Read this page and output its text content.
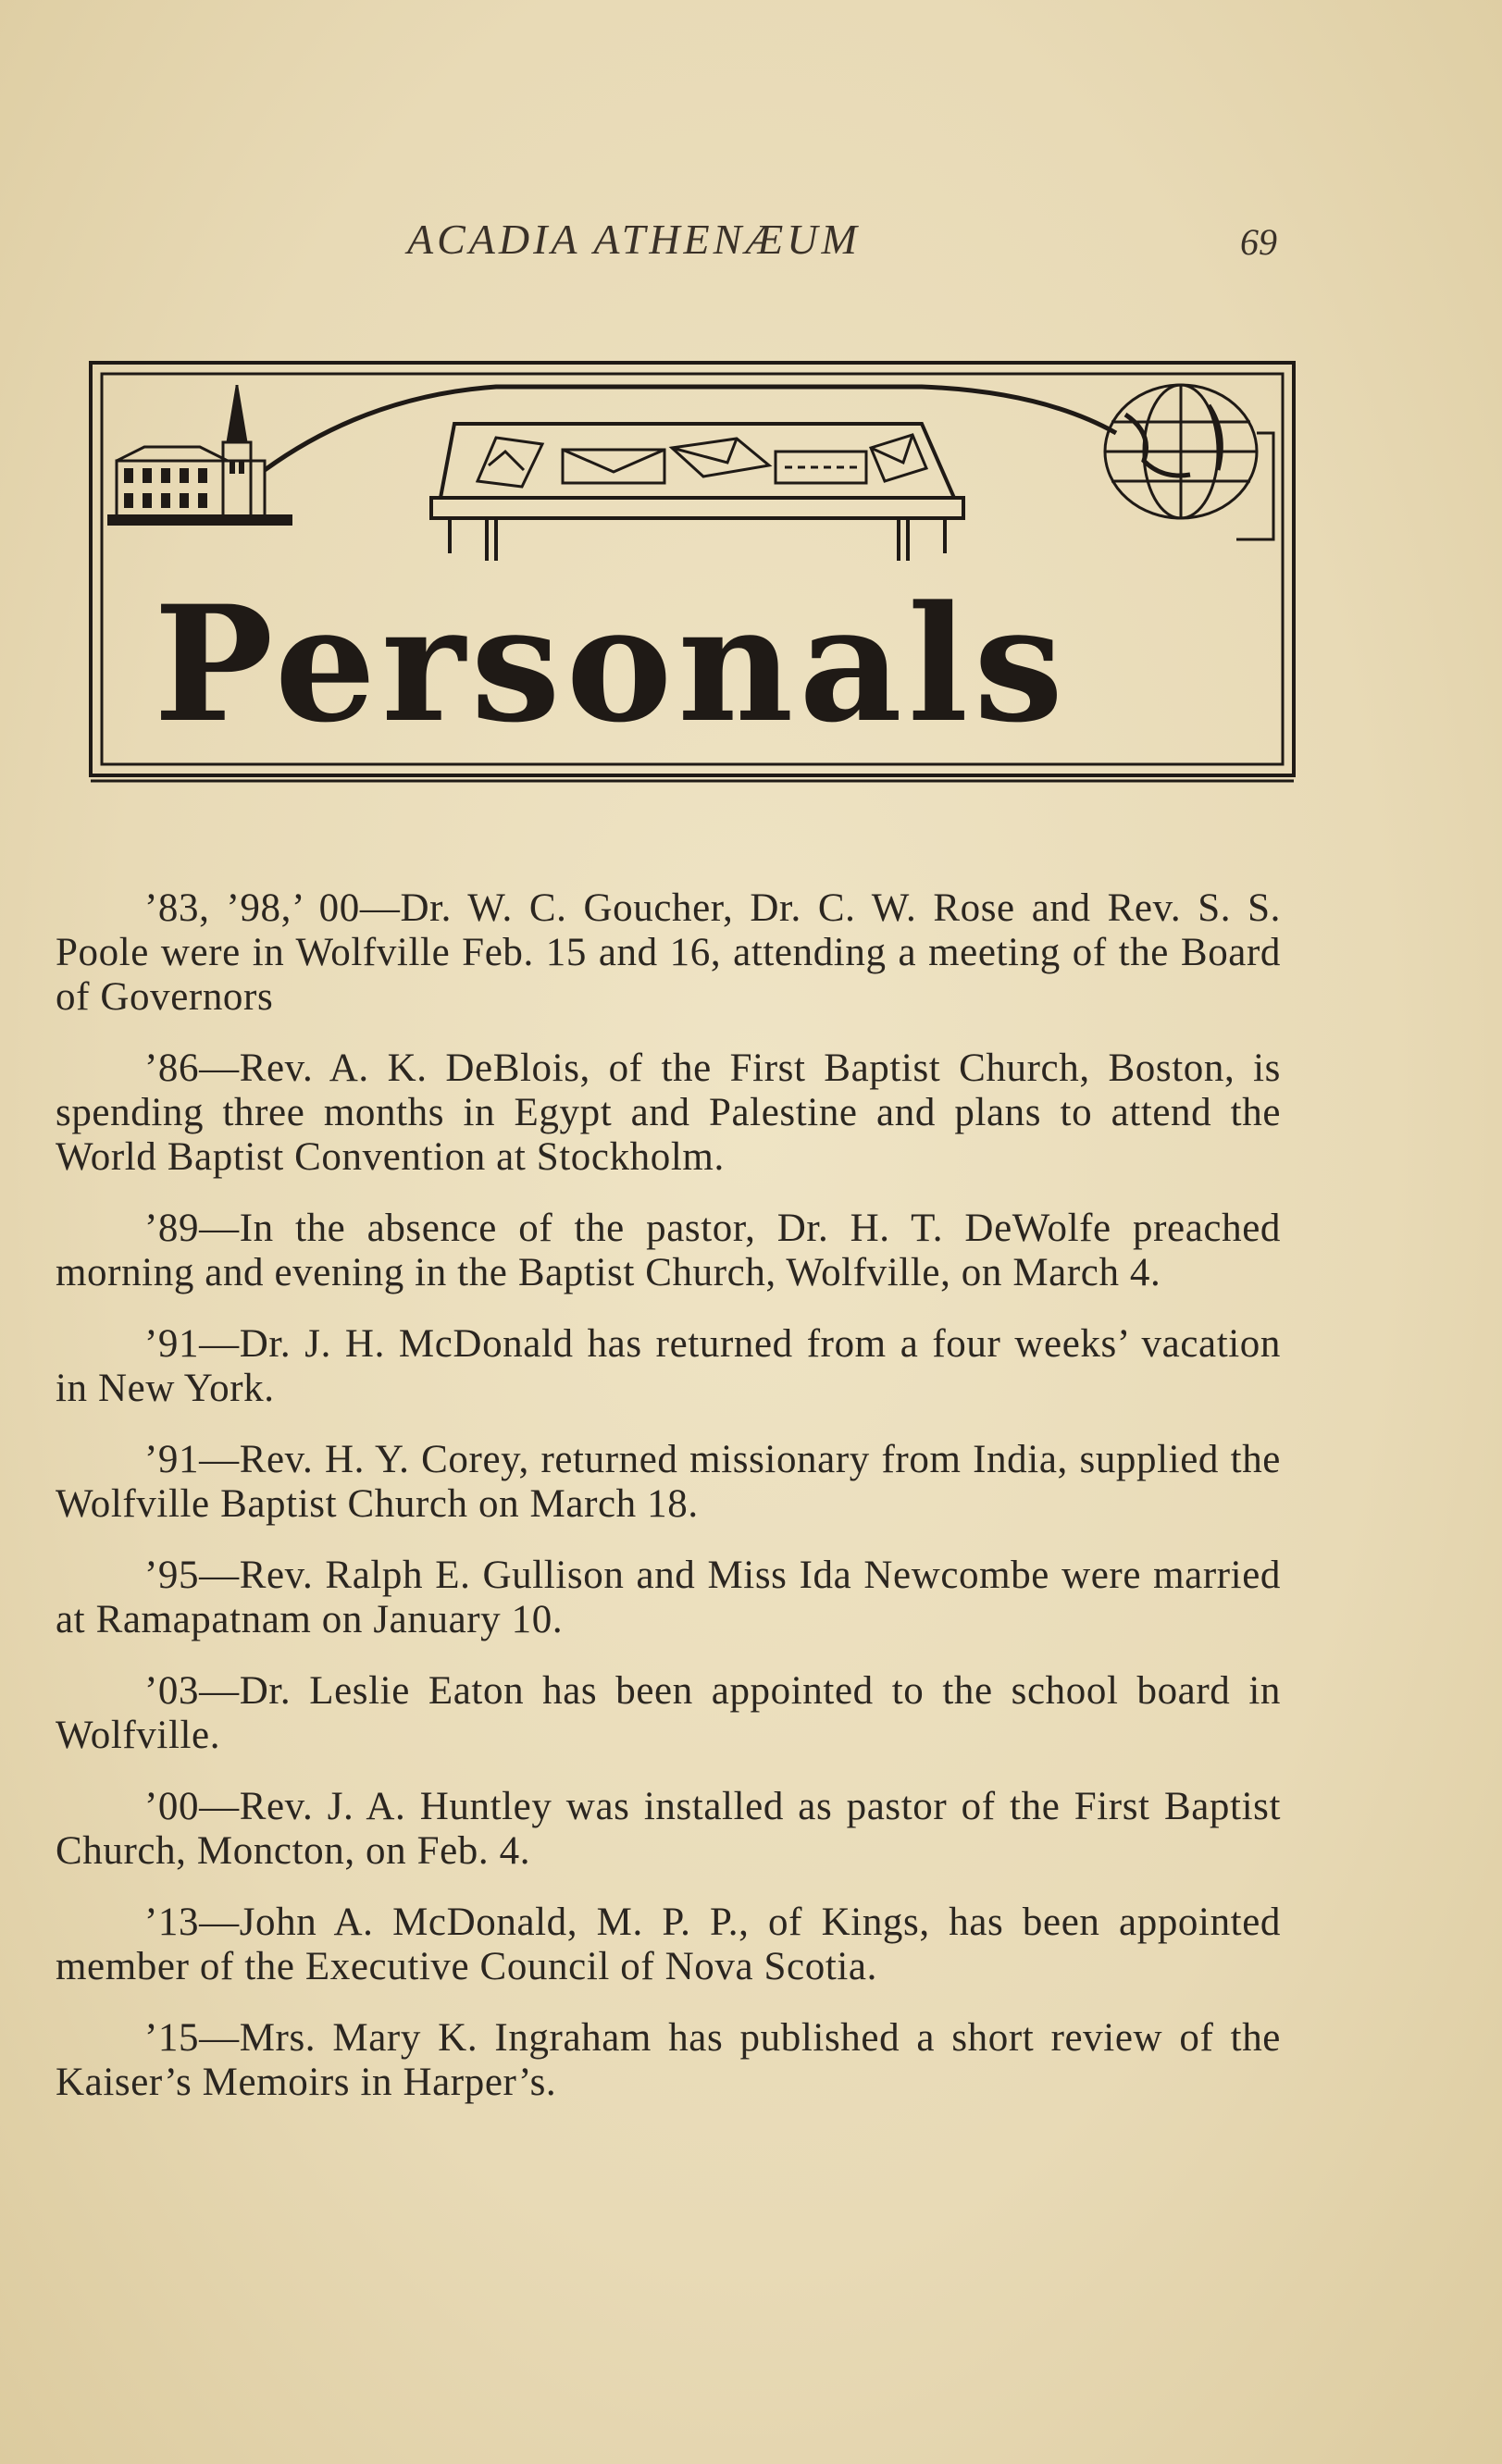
ACADIA ATHENÆUM	69
Personals

’83, ’98,’ 00—Dr. W. C. Goucher, Dr. C. W. Rose and Rev. S. S. Poole were in Wolfville Feb. 15 and 16, attending a meeting of the Board of Governors

’86—Rev. A. K. DeBlois, of the First Baptist Church, Boston, is spending three months in Egypt and Palestine and plans to attend the World Baptist Convention at Stockholm.

’89—In the absence of the pastor, Dr. H. T. DeWolfe preached morning and evening in the Baptist Church, Wolfville, on March 4.

’91—Dr. J. H. McDonald has returned from a four weeks’ vacation in New York.

’91—Rev. H. Y. Corey, returned missionary from India, supplied the Wolfville Baptist Church on March 18.

’95—Rev. Ralph E. Gullison and Miss Ida Newcombe were married at Ramapatnam on January 10.

’03—Dr. Leslie Eaton has been appointed to the school board in Wolfville.

’00—Rev. J. A. Huntley was installed as pastor of the First Baptist Church, Moncton, on Feb. 4.

’13—John A. McDonald, M. P. P., of Kings, has been appointed member of the Executive Council of Nova Scotia.

’15—Mrs. Mary K. Ingraham has published a short review of the Kaiser’s Memoirs in Harper’s.
